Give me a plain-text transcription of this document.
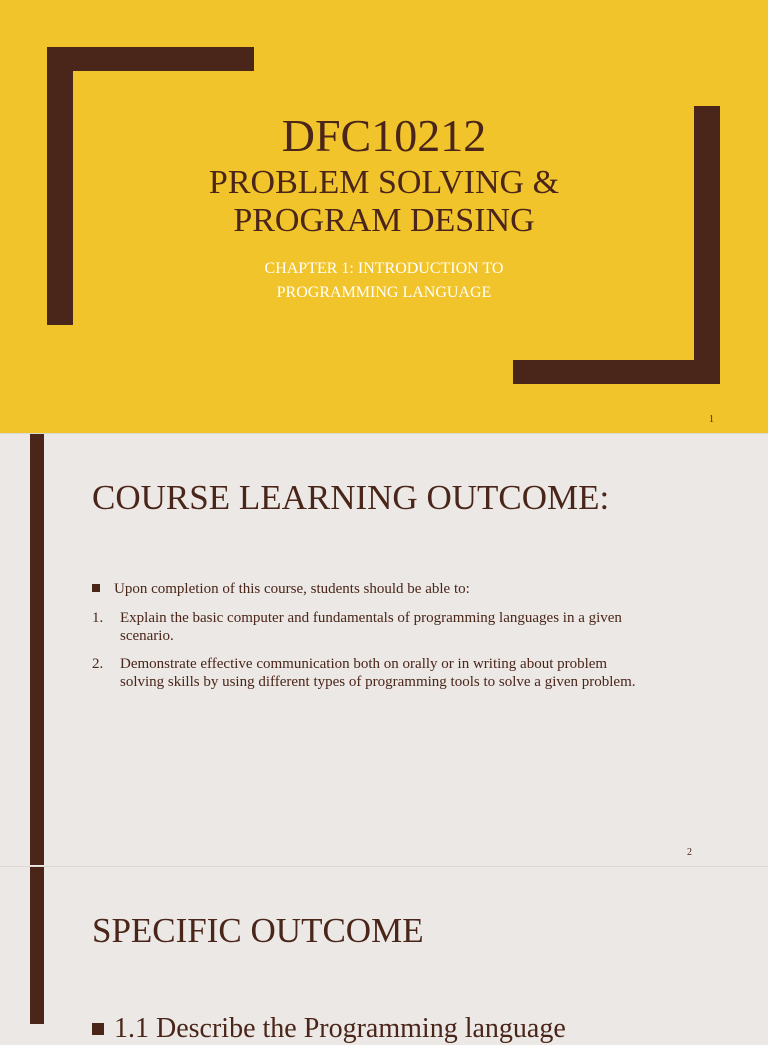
DFC10212
PROBLEM SOLVING &
PROGRAM DESING
CHAPTER 1: INTRODUCTION TO
PROGRAMMING LANGUAGE
1
COURSE LEARNING OUTCOME:
Upon completion of this course, students should be able to:
1. Explain the basic computer and fundamentals of programming languages in a given
scenario.
2. Demonstrate effective communication both on orally or in writing about problem
solving skills by using different types of programming tools to solve a given problem.
2
SPECIFIC OUTCOME
1.1 Describe the Programming language
